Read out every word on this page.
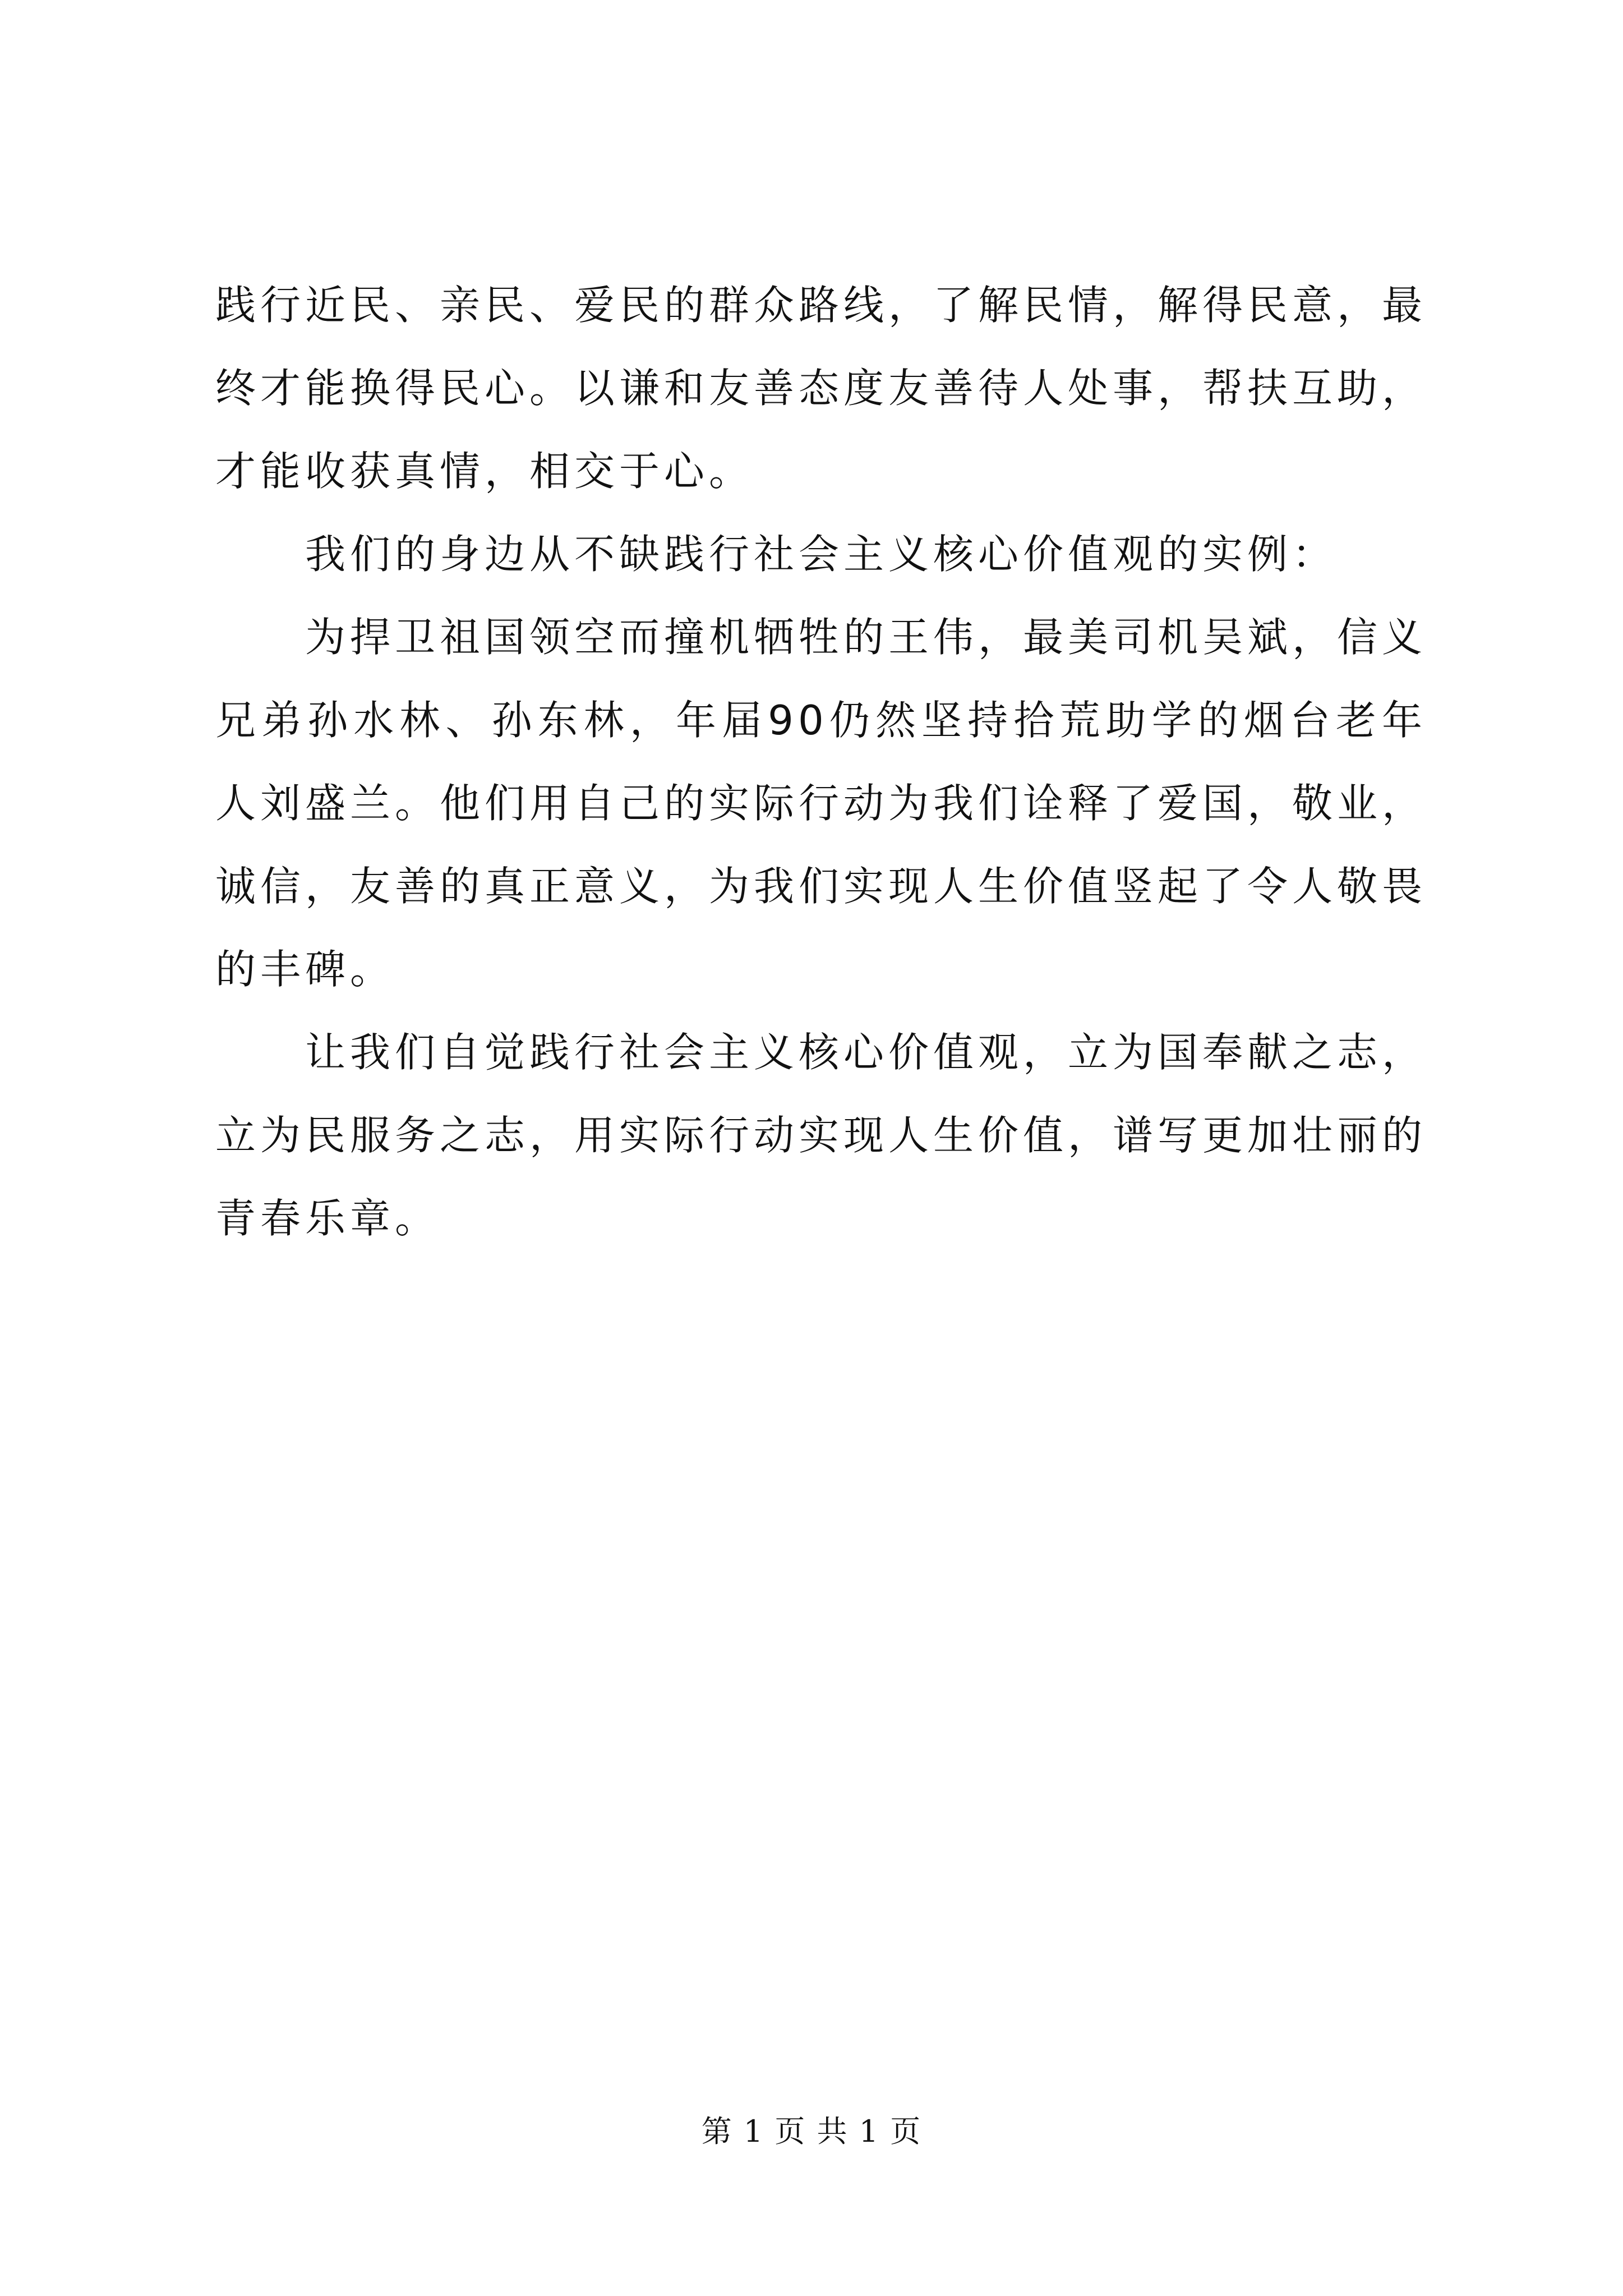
践行近民、亲民、爱民的群众路线，了解民情，解得民意，最终才能换得民心。以谦和友善态度友善待人处事，帮扶互助，才能收获真情，相交于心。

我们的身边从不缺践行社会主义核心价值观的实例：

为捍卫祖国领空而撞机牺牲的王伟，最美司机吴斌，信义兄弟孙水林、孙东林，年届90仍然坚持拾荒助学的烟台老年人刘盛兰。他们用自己的实际行动为我们诠释了爱国，敬业，诚信，友善的真正意义，为我们实现人生价值竖起了令人敬畏的丰碑。

让我们自觉践行社会主义核心价值观，立为国奉献之志，立为民服务之志，用实际行动实现人生价值，谱写更加壮丽的青春乐章。

第 1 页 共 1 页
